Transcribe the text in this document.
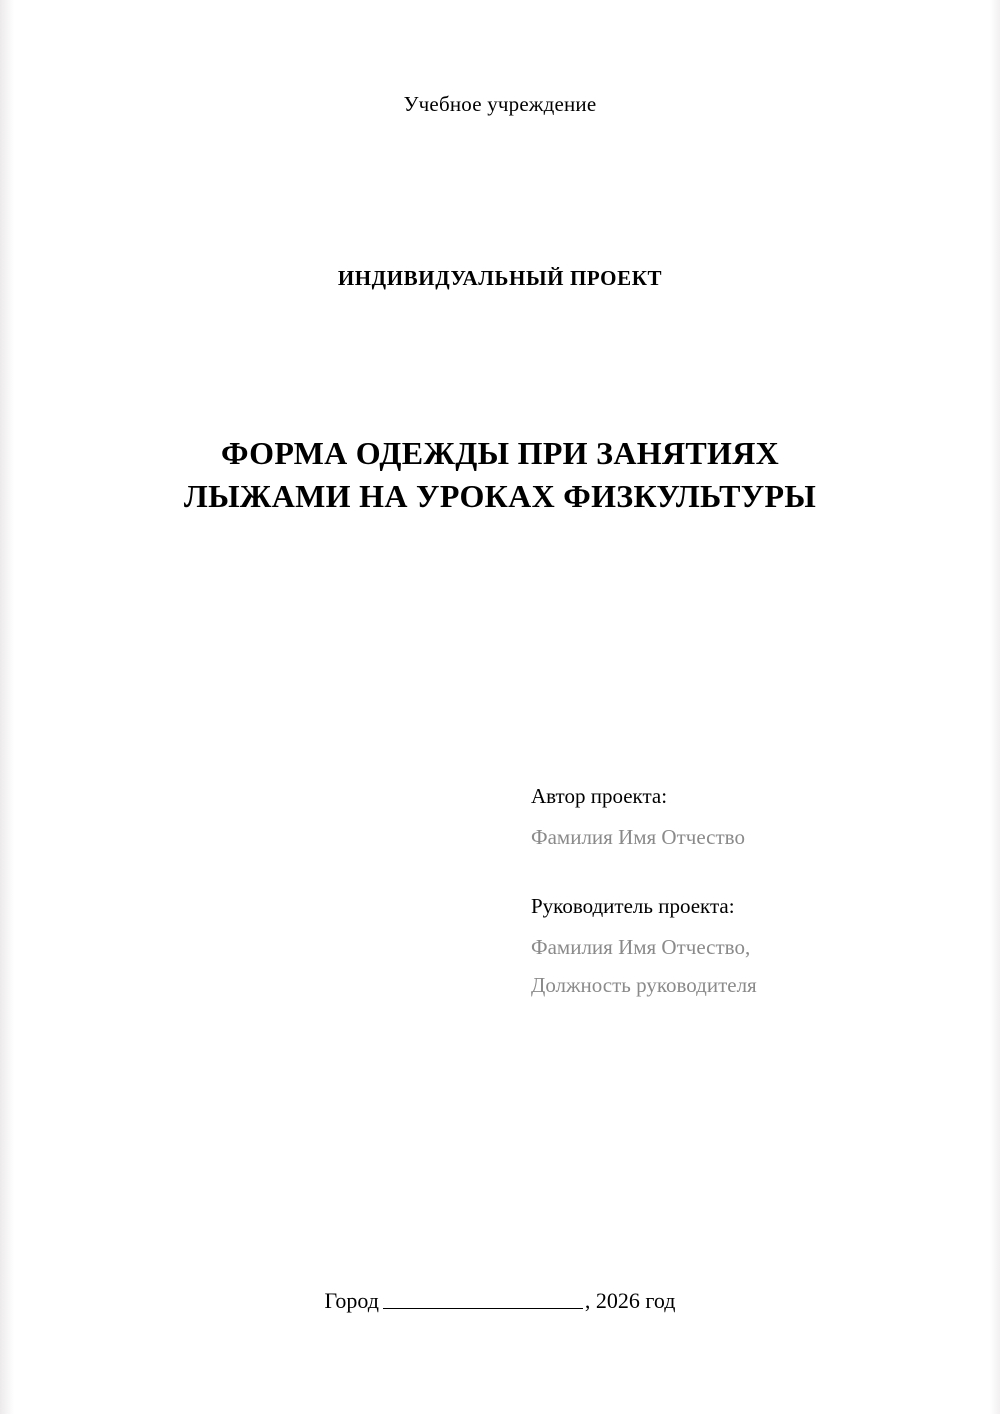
Учебное учреждение
ИНДИВИДУАЛЬНЫЙ ПРОЕКТ
ФОРМА ОДЕЖДЫ ПРИ ЗАНЯТИЯХ
ЛЫЖАМИ НА УРОКАХ ФИЗКУЛЬТУРЫ
Автор проекта:
Фамилия Имя Отчество
Руководитель проекта:
Фамилия Имя Отчество,
Должность руководителя
Город	, 2026 год
